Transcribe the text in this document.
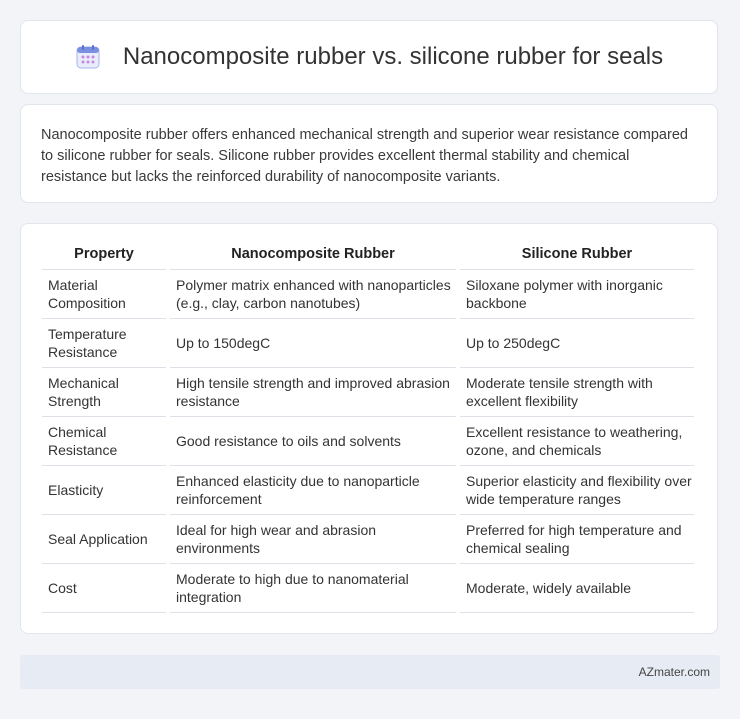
Nanocomposite rubber vs. silicone rubber for seals

Nanocomposite rubber offers enhanced mechanical strength and superior wear resistance compared to silicone rubber for seals. Silicone rubber provides excellent thermal stability and chemical resistance but lacks the reinforced durability of nanocomposite variants.

Property	Nanocomposite Rubber	Silicone Rubber
Material Composition	Polymer matrix enhanced with nanoparticles (e.g., clay, carbon nanotubes)	Siloxane polymer with inorganic backbone
Temperature Resistance	Up to 150degC	Up to 250degC
Mechanical Strength	High tensile strength and improved abrasion resistance	Moderate tensile strength with excellent flexibility
Chemical Resistance	Good resistance to oils and solvents	Excellent resistance to weathering, ozone, and chemicals
Elasticity	Enhanced elasticity due to nanoparticle reinforcement	Superior elasticity and flexibility over wide temperature ranges
Seal Application	Ideal for high wear and abrasion environments	Preferred for high temperature and chemical sealing
Cost	Moderate to high due to nanomaterial integration	Moderate, widely available
AZmater.com
